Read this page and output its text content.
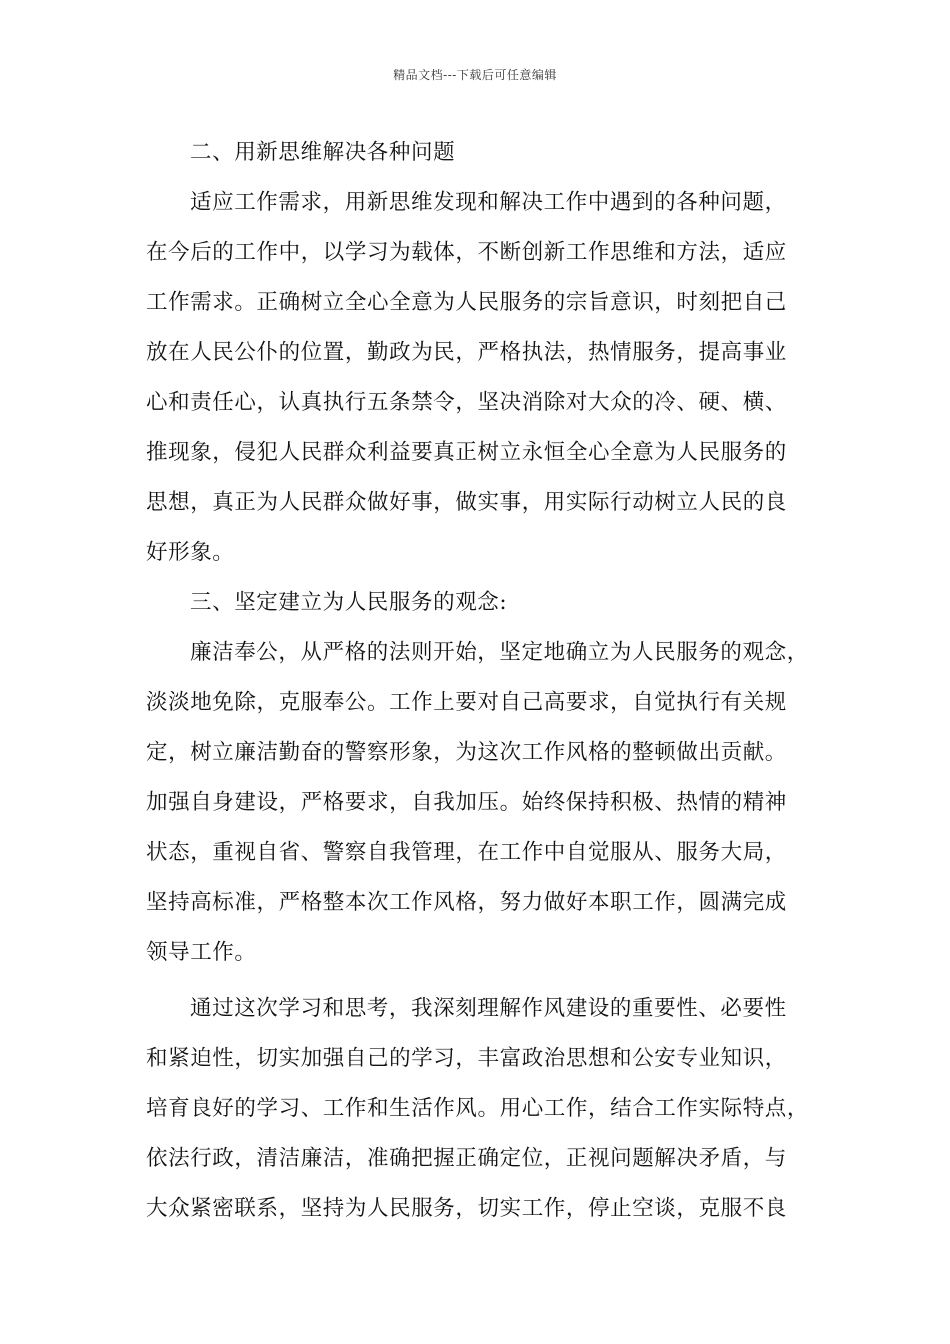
精品文档---下载后可任意编辑
二、用新思维解决各种问题
适应工作需求，用新思维发现和解决工作中遇到的各种问题，
在今后的工作中，以学习为载体，不断创新工作思维和方法，适应
工作需求。正确树立全心全意为人民服务的宗旨意识，时刻把自己
放在人民公仆的位置，勤政为民，严格执法，热情服务，提高事业
心和责任心，认真执行五条禁令，坚决消除对大众的冷、硬、横、
推现象，侵犯人民群众利益要真正树立永恒全心全意为人民服务的
思想，真正为人民群众做好事，做实事，用实际行动树立人民的良
好形象。
三、坚定建立为人民服务的观念:
廉洁奉公，从严格的法则开始，坚定地确立为人民服务的观念，
淡淡地免除，克服奉公。工作上要对自己高要求，自觉执行有关规
定，树立廉洁勤奋的警察形象，为这次工作风格的整顿做出贡献。
加强自身建设，严格要求，自我加压。始终保持积极、热情的精神
状态，重视自省、警察自我管理，在工作中自觉服从、服务大局，
坚持高标准，严格整本次工作风格，努力做好本职工作，圆满完成
领导工作。
通过这次学习和思考，我深刻理解作风建设的重要性、必要性
和紧迫性，切实加强自己的学习，丰富政治思想和公安专业知识，
培育良好的学习、工作和生活作风。用心工作，结合工作实际特点，
依法行政，清洁廉洁，准确把握正确定位，正视问题解决矛盾，与
大众紧密联系，坚持为人民服务，切实工作，停止空谈，克服不良
